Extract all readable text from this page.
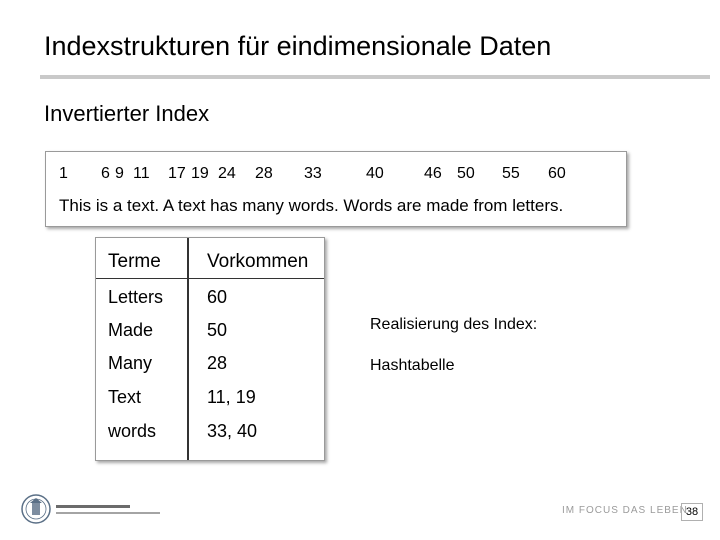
Indexstrukturen für eindimensionale Daten
Invertierter Index
1 6 9 11 17 19 24 28 33	40	46 50 55 60
This is a text. A text has many words. Words are made from letters.
Terme Vorkommen
Letters 60
Made	50
Many	28
Text	11, 19
words	33, 40
Realisierung des Index:
Hashtabelle
IM FOCUS DAS LEBEN
38
